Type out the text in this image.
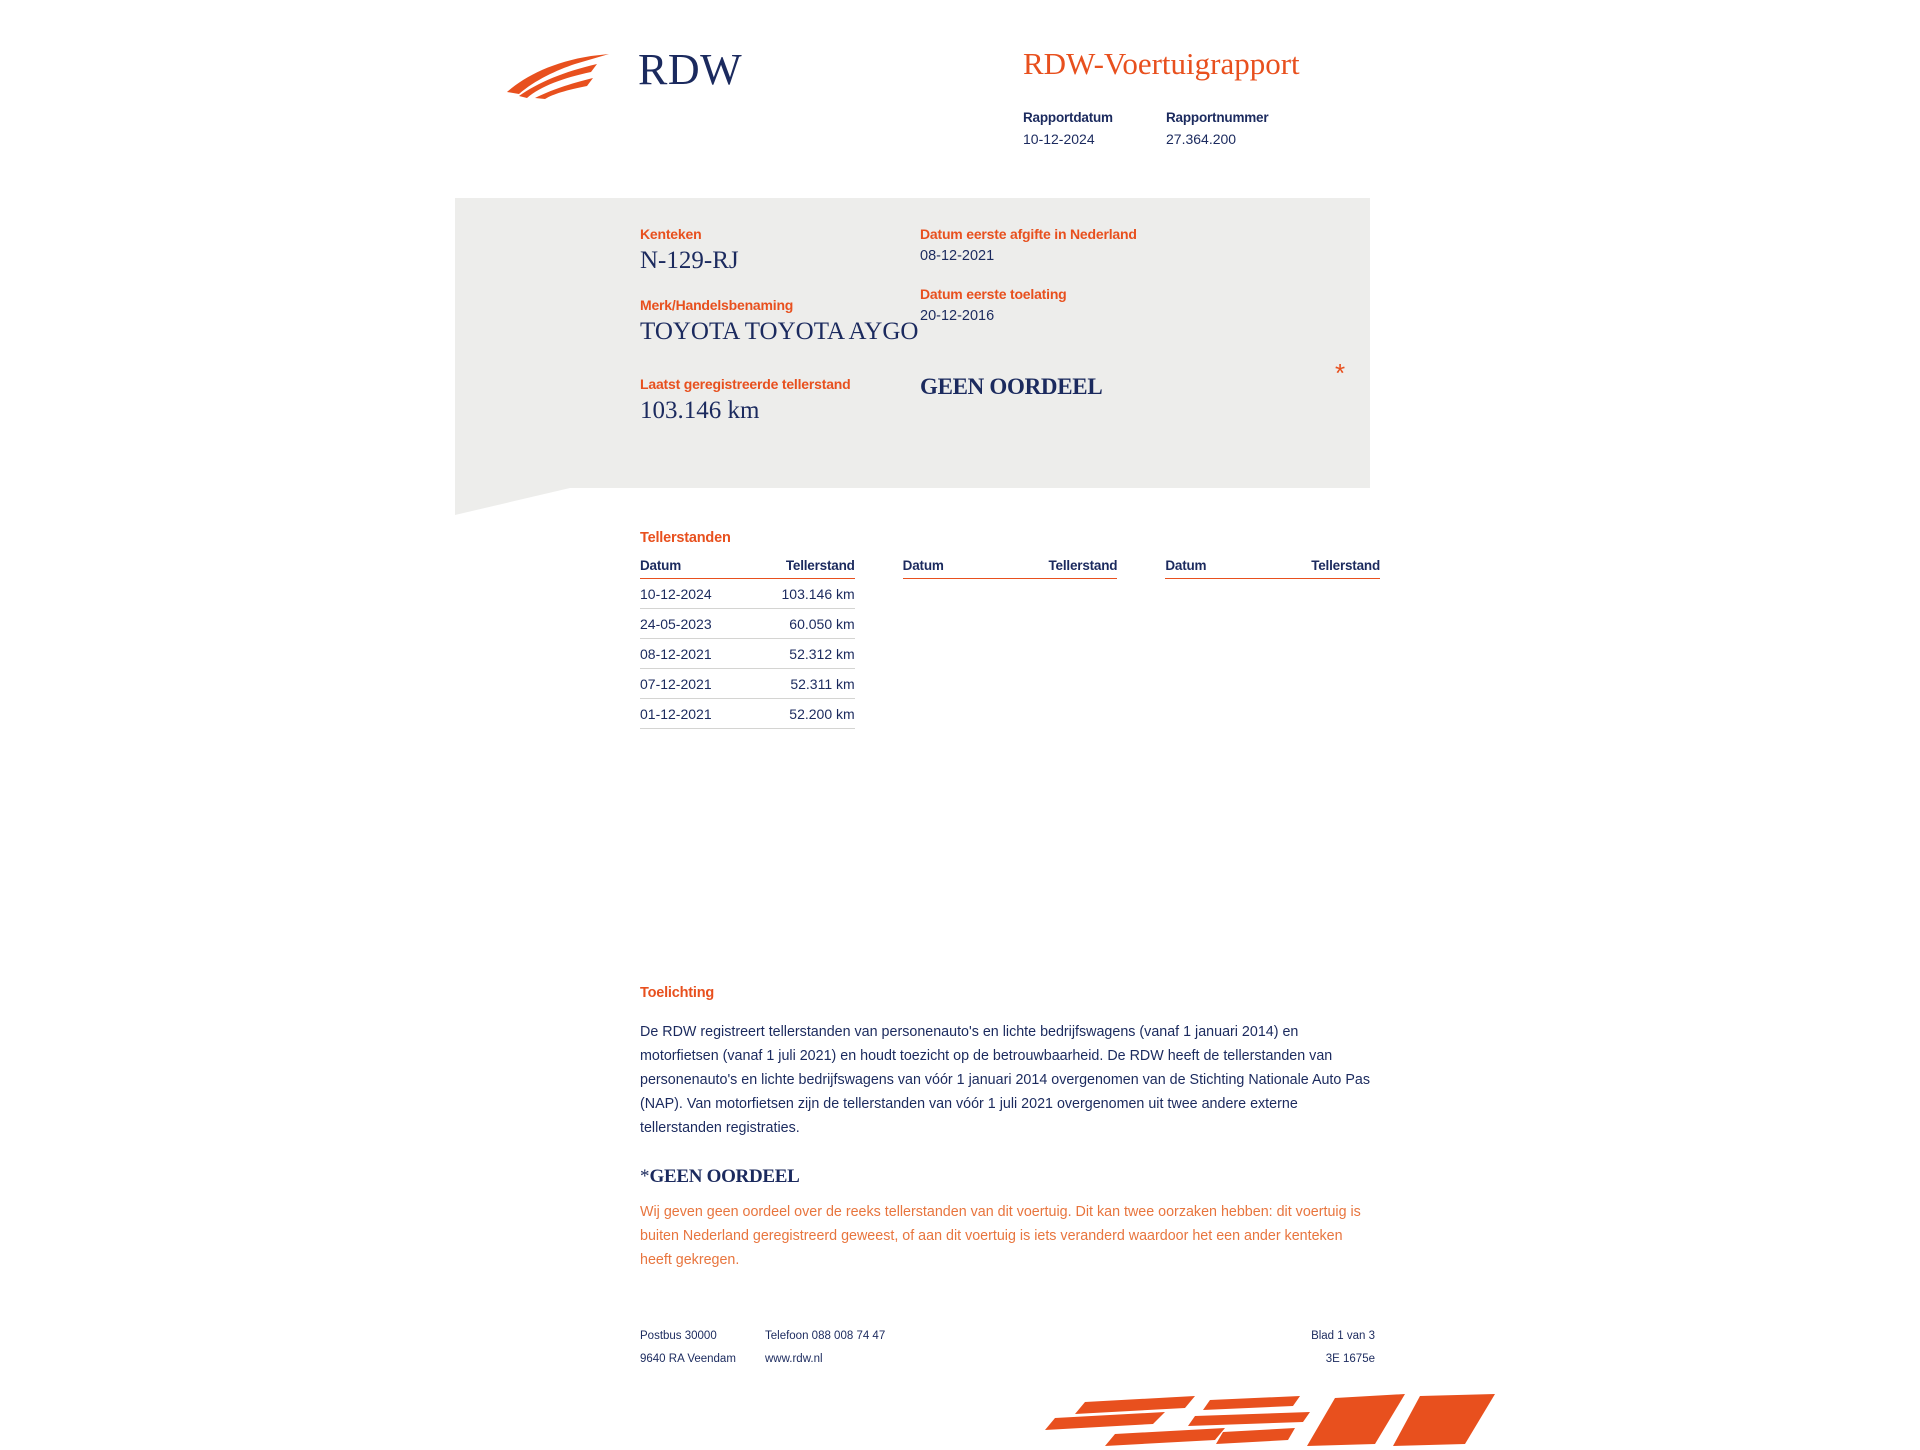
RDW	RDW-Voertuigrapport
Rapportdatum
10-12-2024
Rapportnummer
27.364.200
Kenteken
N-129-RJ
Merk/Handelsbenaming
TOYOTA TOYOTA AYGO
Laatst geregistreerde tellerstand
103.146 km
Datum eerste afgifte in Nederland
08-12-2021
Datum eerste toelating
20-12-2016
GEEN OORDEEL	*
Tellerstanden
Datum	Tellerstand
10-12-2024	103.146 km
24-05-2023	60.050 km
08-12-2021	52.312 km
07-12-2021	52.311 km
01-12-2021	52.200 km
Datum	Tellerstand	Datum	Tellerstand
Toelichting
De RDW registreert tellerstanden van personenauto's en lichte bedrijfswagens (vanaf 1 januari 2014) en motorfietsen (vanaf 1 juli 2021) en houdt toezicht op de betrouwbaarheid. De RDW heeft de tellerstanden van personenauto's en lichte bedrijfswagens van vóór 1 januari 2014 overgenomen van de Stichting Nationale Auto Pas (NAP). Van motorfietsen zijn de tellerstanden van vóór 1 juli 2021 overgenomen uit twee andere externe tellerstanden registraties.
*GEEN OORDEEL
Wij geven geen oordeel over de reeks tellerstanden van dit voertuig. Dit kan twee oorzaken hebben: dit voertuig is buiten Nederland geregistreerd geweest, of aan dit voertuig is iets veranderd waardoor het een ander kenteken heeft gekregen.
Postbus 30000	Telefoon 088 008 74 47	Blad 1 van 3
9640 RA Veendam	www.rdw.nl	3E 1675e
